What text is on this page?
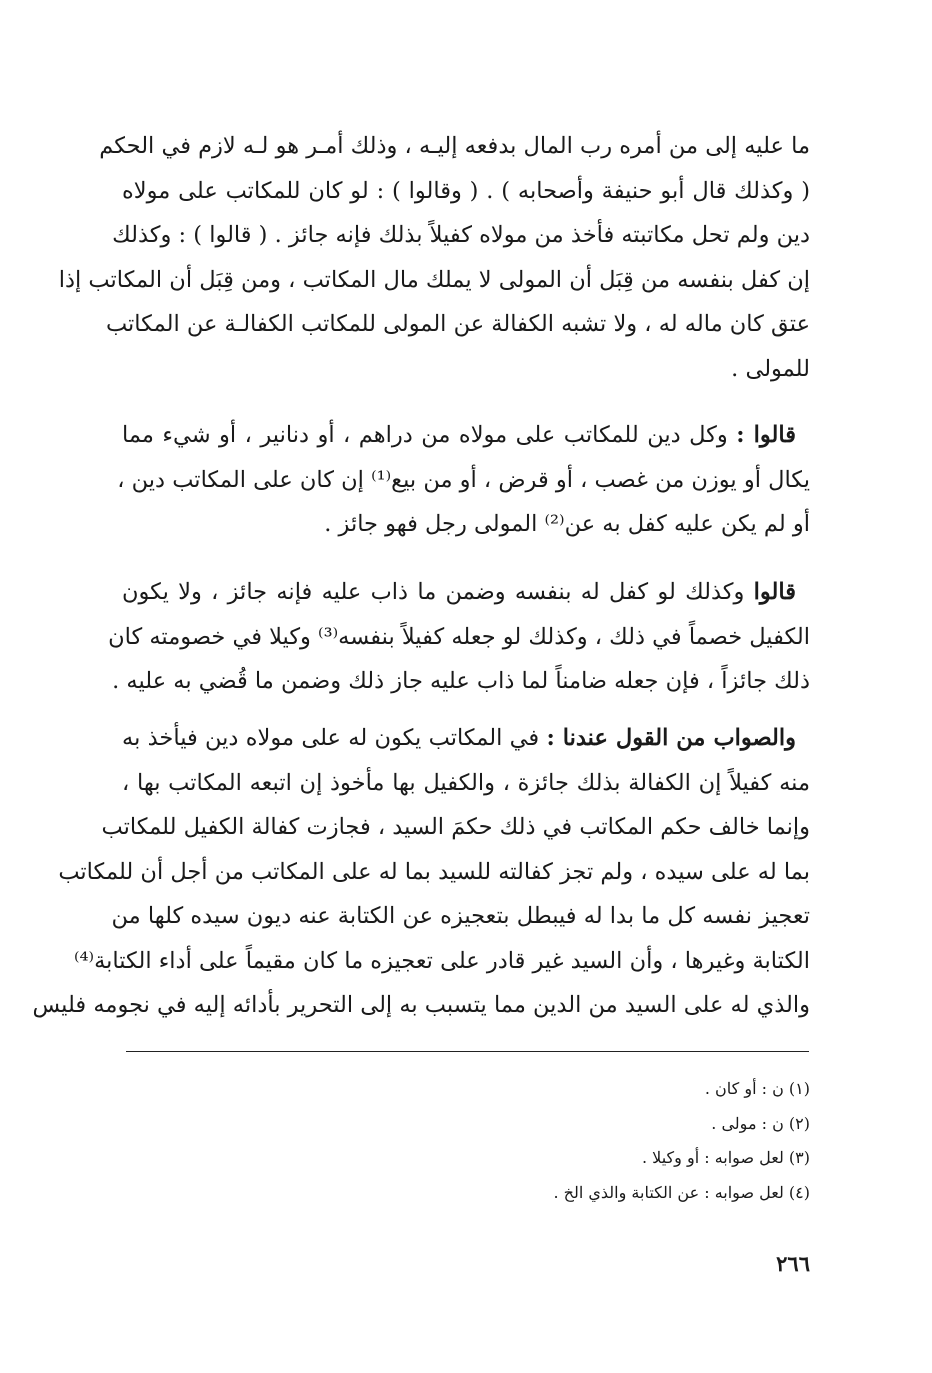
ما عليه إلى من أمره رب المال بدفعه إليـه ، وذلك أمـر هو لـه لازم في الحكم
( وكذلك قال أبو حنيفة وأصحابه ) . ( وقالوا ) : لو كان للمكاتب على مولاه
دين ولم تحل مكاتبته فأخذ من مولاه كفيلاً بذلك فإنه جائز . ( قالوا ) : وكذلك
إن كفل بنفسه من قِبَل أن المولى لا يملك مال المكاتب ، ومن قِبَل أن المكاتب إذا
عتق كان ماله له ، ولا تشبه الكفالة عن المولى للمكاتب الكفالـة عن المكاتب
للمولى .
قالوا : وكل دين للمكاتب على مولاه من دراهم ، أو دنانير ، أو شيء مما
يكال أو يوزن من غصب ، أو قرض ، أو من بيع⁽¹⁾ إن كان على المكاتب دين ،
أو لم يكن عليه كفل به عن⁽²⁾ المولى رجل فهو جائز .
قالوا وكذلك لو كفل له بنفسه وضمن ما ذاب عليه فإنه جائز ، ولا يكون
الكفيل خصماً في ذلك ، وكذلك لو جعله كفيلاً بنفسه⁽³⁾ وكيلا في خصومته كان
ذلك جائزاً ، فإن جعله ضامناً لما ذاب عليه جاز ذلك وضمن ما قُضي به عليه .
والصواب من القول عندنا : في المكاتب يكون له على مولاه دين فيأخذ به
منه كفيلاً إن الكفالة بذلك جائزة ، والكفيل بها مأخوذ إن اتبعه المكاتب بها ،
وإنما خالف حكم المكاتب في ذلك حكمَ السيد ، فجازت كفالة الكفيل للمكاتب
بما له على سيده ، ولم تجز كفالته للسيد بما له على المكاتب من أجل أن للمكاتب
تعجيز نفسه كل ما بدا له فيبطل بتعجيزه عن الكتابة عنه ديون سيده كلها من
الكتابة وغيرها ، وأن السيد غير قادر على تعجيزه ما كان مقيماً على أداء الكتابة⁽⁴⁾
والذي له على السيد من الدين مما يتسبب به إلى التحرير بأدائه إليه في نجومه فليس
(١) ن : أو كان .
(٢) ن : مولى .
(٣) لعل صوابه : أو وكيلا .
(٤) لعل صوابه : عن الكتابة والذي الخ .
٢٦٦
